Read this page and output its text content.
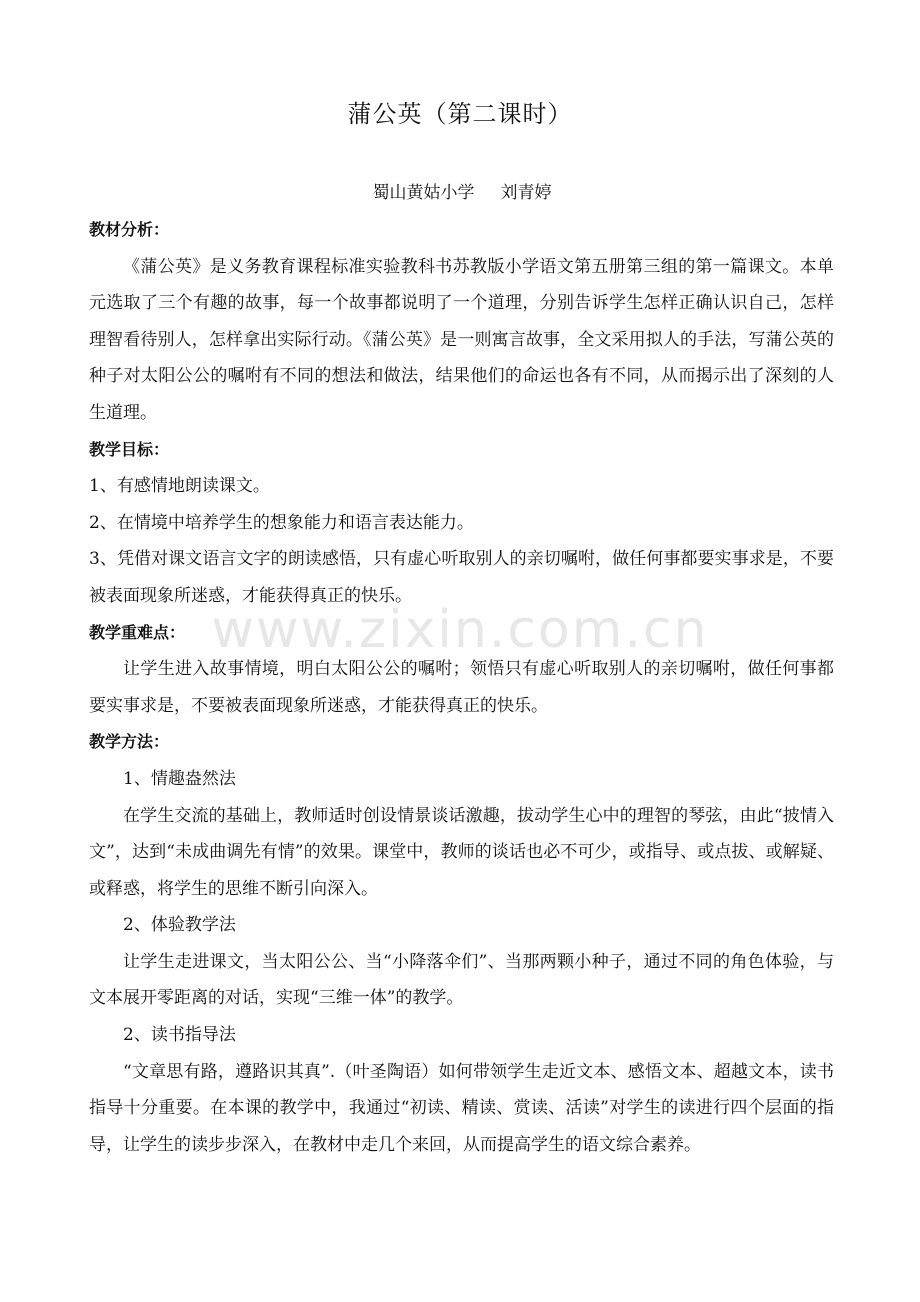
蒲公英（第二课时）
蜀山黄姑小学 刘青婷
www.zixin.com.cn

教材分析：

《蒲公英》是义务教育课程标准实验教科书苏教版小学语文第五册第三组的第一篇课文。本单元选取了三个有趣的故事，每一个故事都说明了一个道理，分别告诉学生怎样正确认识自己，怎样理智看待别人，怎样拿出实际行动。《蒲公英》是一则寓言故事，全文采用拟人的手法，写蒲公英的种子对太阳公公的嘱咐有不同的想法和做法，结果他们的命运也各有不同，从而揭示出了深刻的人生道理。

教学目标：

1、有感情地朗读课文。

2、在情境中培养学生的想象能力和语言表达能力。

3、凭借对课文语言文字的朗读感悟，只有虚心听取别人的亲切嘱咐，做任何事都要实事求是，不要被表面现象所迷惑，才能获得真正的快乐。

教学重难点：

让学生进入故事情境，明白太阳公公的嘱咐；领悟只有虚心听取别人的亲切嘱咐，做任何事都要实事求是，不要被表面现象所迷惑，才能获得真正的快乐。

教学方法：

1、情趣盎然法

在学生交流的基础上，教师适时创设情景谈话激趣，拔动学生心中的理智的琴弦，由此“披情入文”，达到“未成曲调先有情”的效果。课堂中，教师的谈话也必不可少，或指导、或点拔、或解疑、或释惑，将学生的思维不断引向深入。

2、体验教学法

让学生走进课文，当太阳公公、当“小降落伞们”、当那两颗小种子，通过不同的角色体验，与文本展开零距离的对话，实现“三维一体”的教学。

2、读书指导法

“文章思有路，遵路识其真”.（叶圣陶语）如何带领学生走近文本、感悟文本、超越文本，读书指导十分重要。在本课的教学中，我通过“初读、精读、赏读、活读”对学生的读进行四个层面的指导，让学生的读步步深入，在教材中走几个来回，从而提高学生的语文综合素养。
